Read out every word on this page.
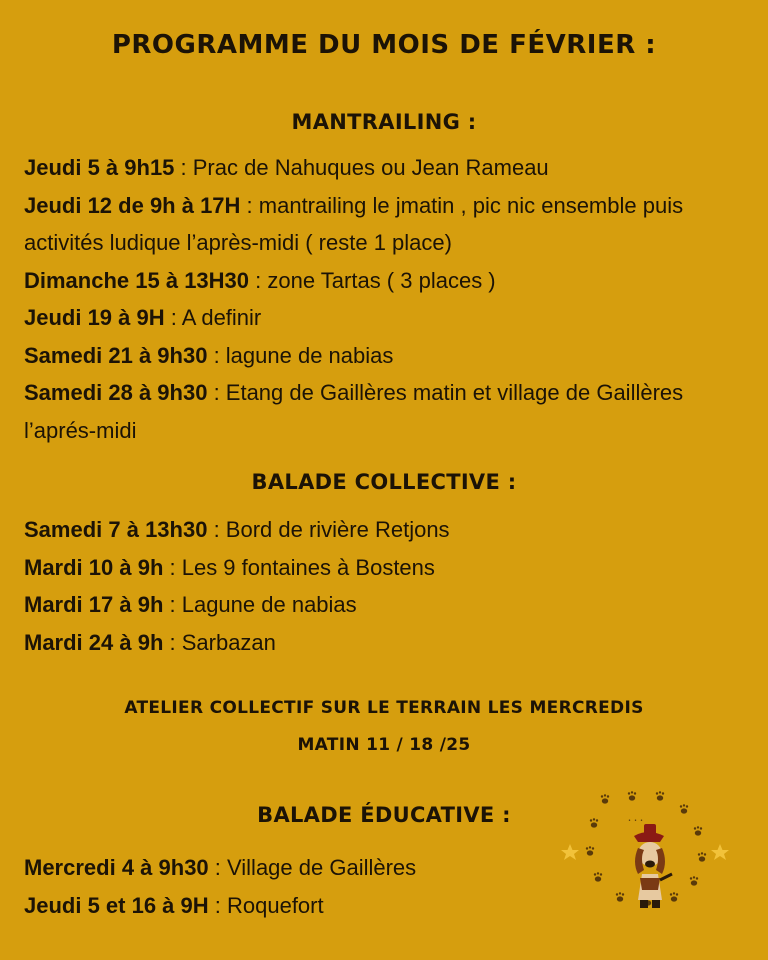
PROGRAMME DU MOIS DE FÉVRIER :
MANTRAILING :
Jeudi 5 à 9h15 : Prac de Nahuques ou Jean Rameau
Jeudi 12 de 9h à 17H : mantrailing le jmatin , pic nic ensemble puis activités ludique l’après-midi ( reste 1 place)
Dimanche 15 à 13H30 : zone Tartas ( 3 places )
Jeudi 19 à 9H : A definir
Samedi 21 à 9h30 : lagune de nabias
Samedi 28 à 9h30 : Etang de Gaillères matin et village de Gaillères l’aprés-midi
BALADE COLLECTIVE :
Samedi 7 à 13h30 : Bord de rivière Retjons
Mardi 10 à 9h : Les 9 fontaines à Bostens
Mardi 17 à 9h : Lagune de nabias
Mardi 24 à 9h : Sarbazan
ATELIER COLLECTIF SUR LE TERRAIN LES MERCREDIS
MATIN 11 / 18 /25
BALADE ÉDUCATIVE :
Mercredi 4 à 9h30 : Village de Gaillères
Jeudi 5 et 16 à 9H : Roquefort
• • •
